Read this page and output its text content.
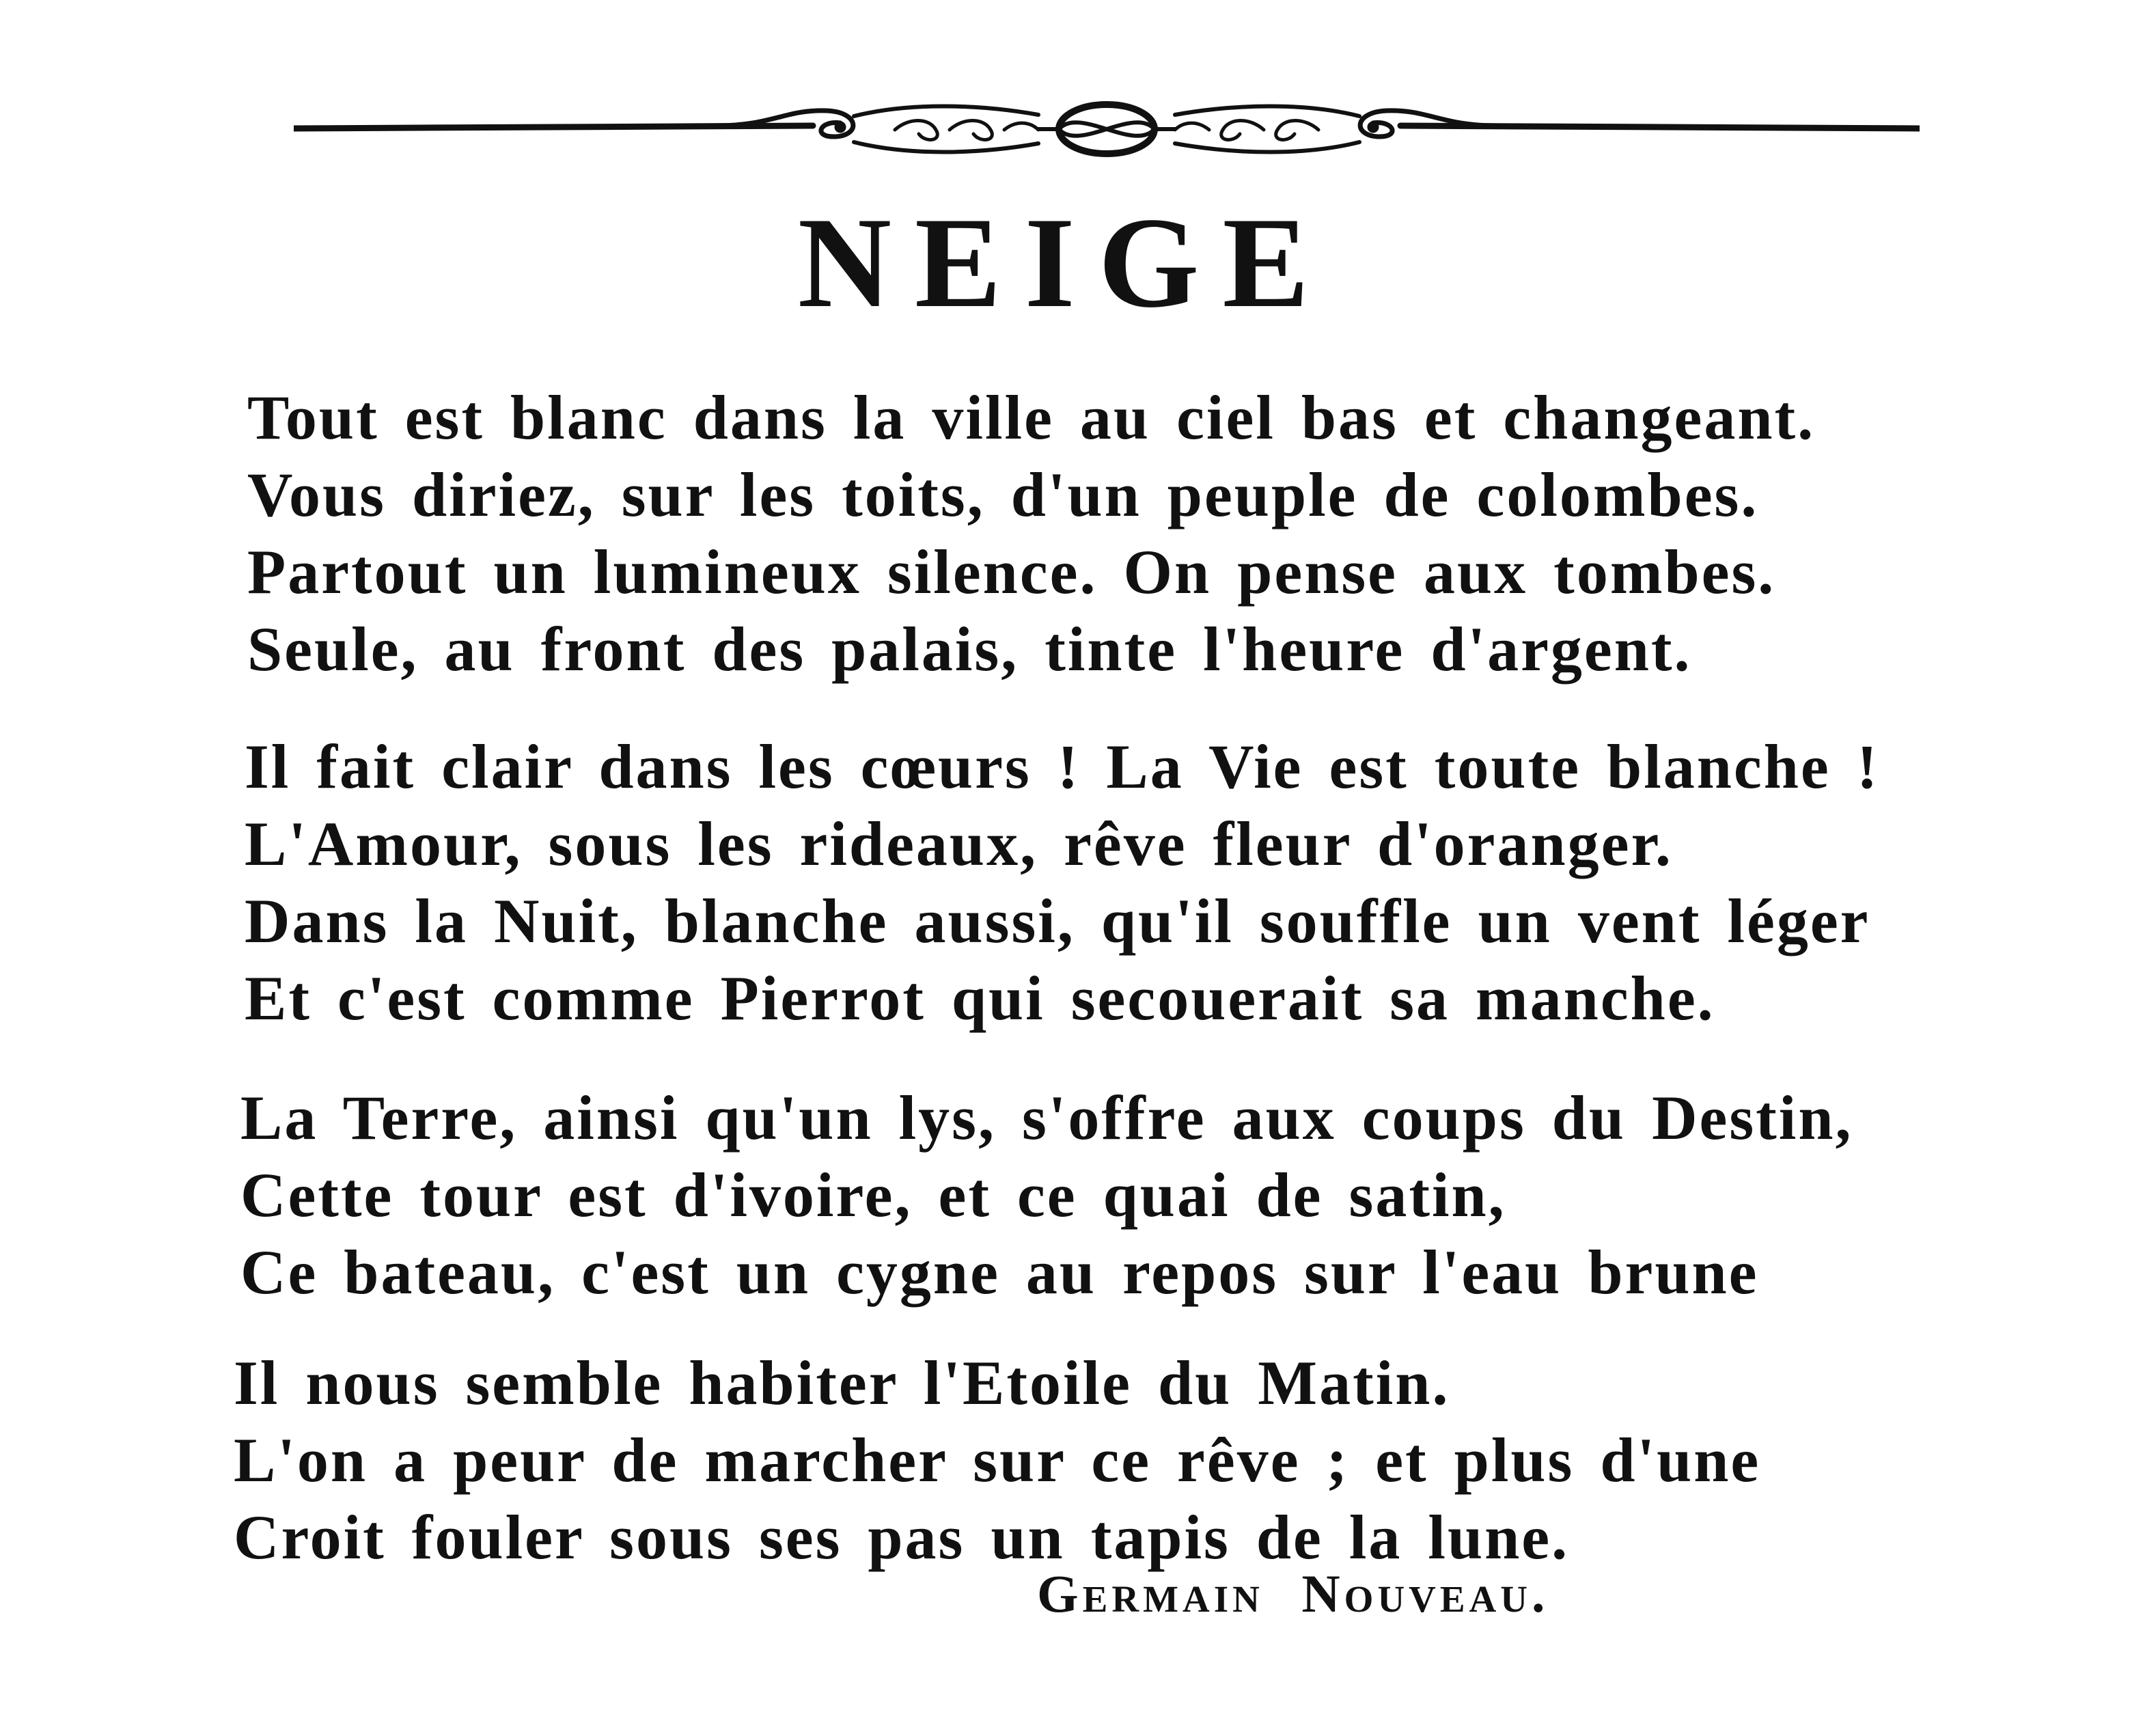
NEIGE
Tout est blanc dans la ville au ciel bas et changeant.
Vous diriez, sur les toits, d'un peuple de colombes.
Partout un lumineux silence. On pense aux tombes.
Seule, au front des palais, tinte l'heure d'argent.
Il fait clair dans les cœurs ! La Vie est toute blanche !
L'Amour, sous les rideaux, rêve fleur d'oranger.
Dans la Nuit, blanche aussi, qu'il souffle un vent léger
Et c'est comme Pierrot qui secouerait sa manche.
La Terre, ainsi qu'un lys, s'offre aux coups du Destin,
Cette tour est d'ivoire, et ce quai de satin,
Ce bateau, c'est un cygne au repos sur l'eau brune
Il nous semble habiter l'Etoile du Matin.
L'on a peur de marcher sur ce rêve ; et plus d'une
Croit fouler sous ses pas un tapis de la lune.
Germain Nouveau.
